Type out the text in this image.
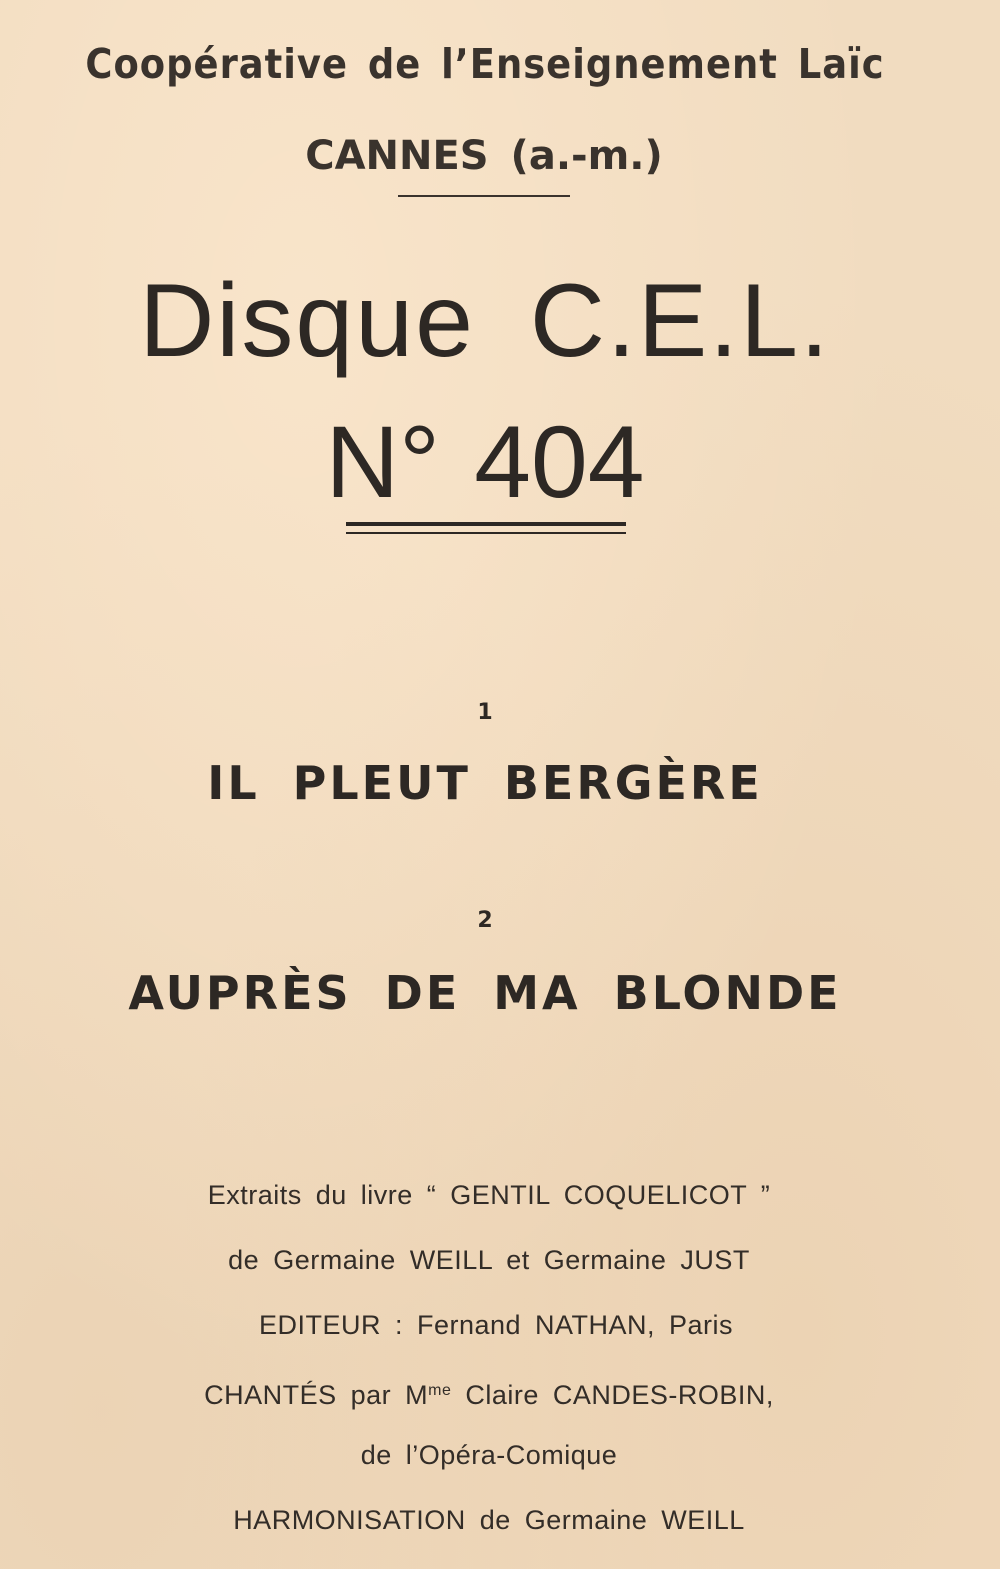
Coopérative de l’Enseignement Laïc
CANNES (a.-m.)
Disque C.E.L.
N° 404
1
IL PLEUT BERGÈRE
2
AUPRÈS DE MA BLONDE
Extraits du livre “ GENTIL COQUELICOT ”
de Germaine WEILL et Germaine JUST
EDITEUR : Fernand NATHAN, Paris
CHANTÉS par $M^{me}$ Claire CANDES-ROBIN,
de l’Opéra-Comique
HARMONISATION de Germaine WEILL
